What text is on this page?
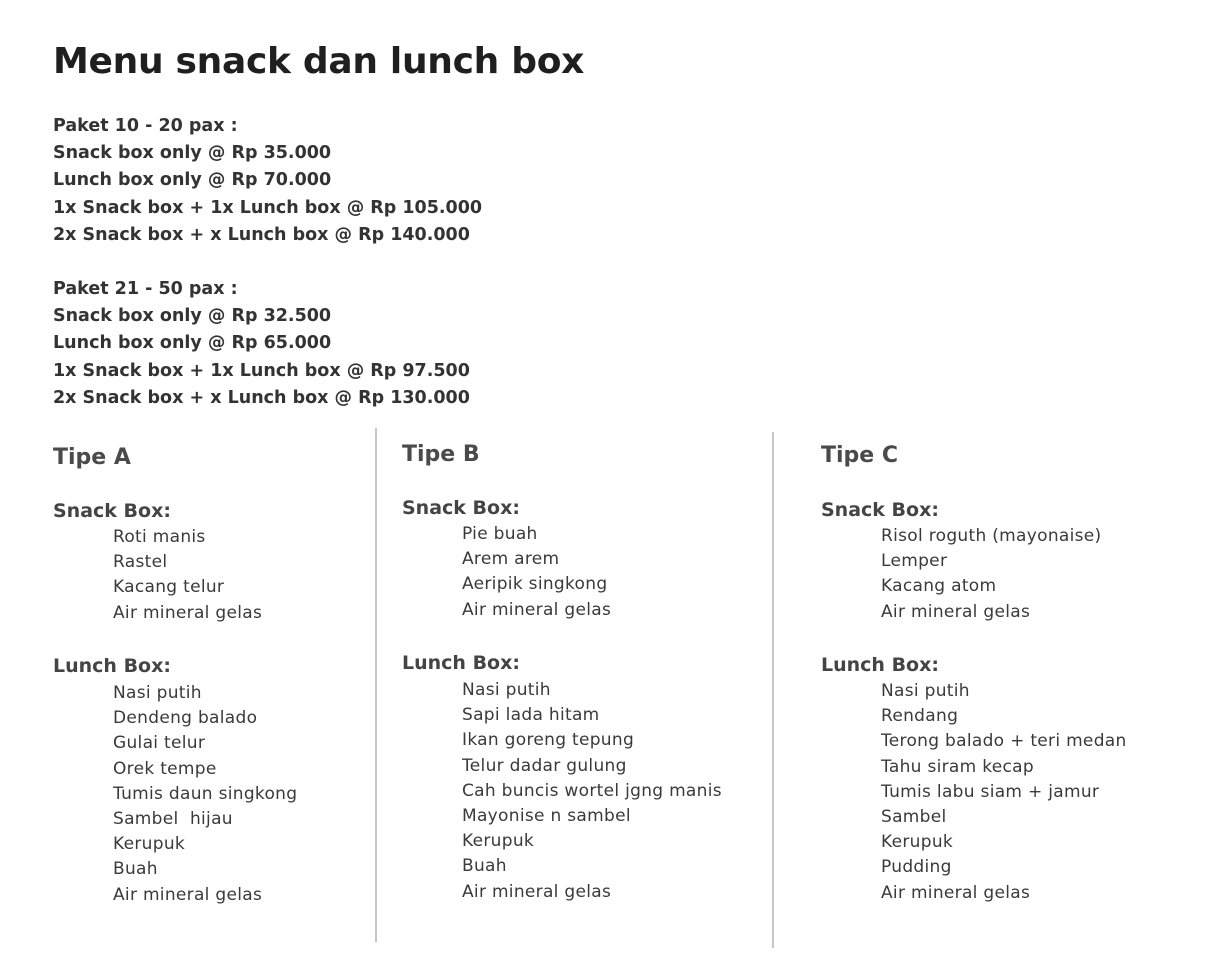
Menu snack dan lunch box
Paket 10 - 20 pax :
Snack box only @ Rp 35.000
Lunch box only @ Rp 70.000
1x Snack box + 1x Lunch box @ Rp 105.000
2x Snack box + x Lunch box @ Rp 140.000
Paket 21 - 50 pax :
Snack box only @ Rp 32.500
Lunch box only @ Rp 65.000
1x Snack box + 1x Lunch box @ Rp 97.500
2x Snack box + x Lunch box @ Rp 130.000
Tipe A
Snack Box:
Roti manis
Rastel
Kacang telur
Air mineral gelas
Lunch Box:
Nasi putih
Dendeng balado
Gulai telur
Orek tempe
Tumis daun singkong
Sambel  hijau
Kerupuk
Buah
Air mineral gelas
Tipe B
Snack Box:
Pie buah
Arem arem
Aeripik singkong
Air mineral gelas
Lunch Box:
Nasi putih
Sapi lada hitam
Ikan goreng tepung
Telur dadar gulung
Cah buncis wortel jgng manis
Mayonise n sambel
Kerupuk
Buah
Air mineral gelas
Tipe C
Snack Box:
Risol roguth (mayonaise)
Lemper
Kacang atom
Air mineral gelas
Lunch Box:
Nasi putih
Rendang
Terong balado + teri medan
Tahu siram kecap
Tumis labu siam + jamur
Sambel
Kerupuk
Pudding
Air mineral gelas
